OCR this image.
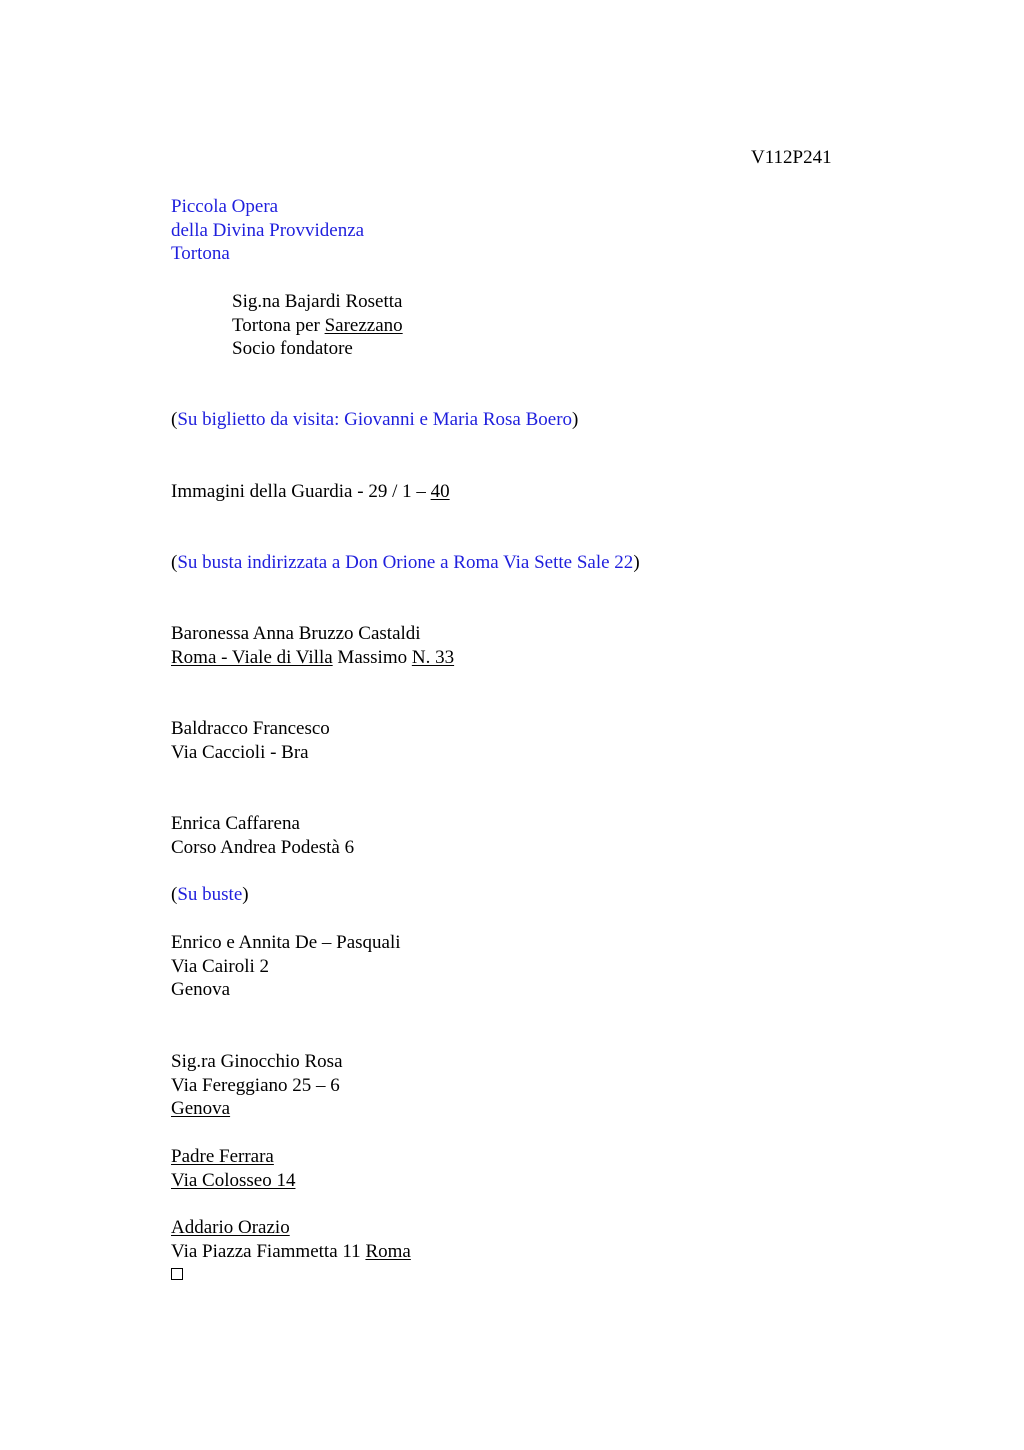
V112P241
Piccola Opera
della Divina Provvidenza
Tortona
Sig.na Bajardi Rosetta
Tortona per Sarezzano
Socio fondatore
(Su biglietto da visita: Giovanni e Maria Rosa Boero)
Immagini della Guardia - 29 / 1 – 40
(Su busta indirizzata a Don Orione a Roma Via Sette Sale 22)
Baronessa Anna Bruzzo Castaldi
Roma - Viale di Villa Massimo N. 33
Baldracco Francesco
Via Caccioli - Bra
Enrica Caffarena
Corso Andrea Podestà 6
(Su buste)
Enrico e Annita De – Pasquali
Via Cairoli 2
Genova
Sig.ra Ginocchio Rosa
Via Fereggiano 25 – 6
Genova
Padre Ferrara
Via Colosseo 14
Addario Orazio
Via Piazza Fiammetta 11 Roma
